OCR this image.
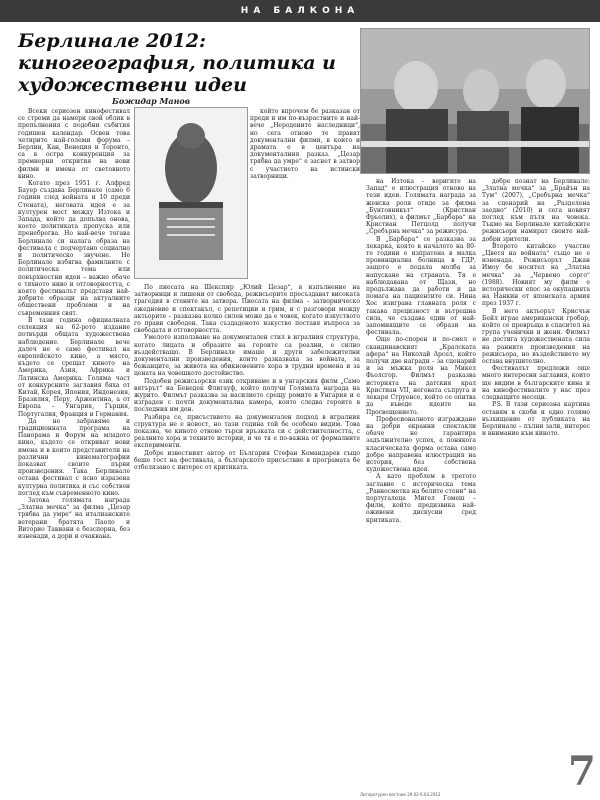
НА БАЛКОНА
Берлинале 2012: киногеография, политика и художествени идеи
Божидар Манов

Всеки сериозен кинофестивал се стреми да намери свой облик в препълнения с подобни събития годишен календар. Освен това четирите най-големи форума – Берлин, Кан, Венеция и Торонто, са в остра конкуренция за премиерни открития на нови филми и имена от световното кино.

Когато през 1951 г. Алфред Бауер създава Берлинале (само 6 години след войната и 10 преди Стената), неговата идея е за културен мост между Изтока и Запада, който да допълва онова, което политиката пропуска или пренебрегва. Но най-вече тогава Берлинале си налага образа на фестивала с подчертано социално и политическо звучене. Не Берлинале избягва фамилните с политическа тема или повърхностни идеи – важно обаче е тяхното ниво и отговорността, с която фестивалът представя най-добрите образци на актуалните обществени проблеми и на съвременния свят.

В тази година официалната селекция на 62-рото издание потвърди общата художествена наблюдение. Берлинале вече далеч не е само фестивал на европейското кино, а място, където се срещат киното на Америка, Азия, Африка и Латинска Америка. Голяма част от конкурсните заглавия бяха от Китай, Корея, Япония, Индонезия, Бразилия, Перу, Аржентина, а от Европа – Унгария, Гърция, Португалия, Франция и Германия.

Да не забравяме и традиционната програма на Панорама и Форум на младото кино, където се откриват нови имена и в които представители на различни кинематографии показват своите първи произведения. Така Берлинале остава фестивал с ясно изразена културна политика и със собствен поглед към съвременното кино.

Затова голямата награда „Златна мечка“ за филма „Цезар трябва да умре“ на италианските ветерани братята Паоло и Виторио Тавиани е безспорна, без изненади, а дори и очаквана.

който впрочем бе разказан от преди и им по-възрастните и най-вече „Неродените наследници“, но сега отново те правят документални филми, в които и драмата е в центъра на документалния разказ. „Цезар трябва да умре“ е заснет в затвор с участието на истински затворници.

По пиесата на Шекспир „Юлий Цезар“, в изпълнение на затворници и лишени от свобода, режисьорите пресъздават високата трагедия в стените на затвора. Пиесата на филма – затворническо ежедневие и спектакъл, с репетиции и грим, и с разговори между актьорите – разказва колко силен може да е човек, когато изкуството го прави свободен. Така създаденото изкуство поставя въпроса за свободата и отговорността.

Умелото използване на документален стил в игралния структура, когато лицата и образите на героите са реални, е силно въздействащо. В Берлинале имаше и други забележителни документални произведения, които разказваха за войната, за бежанците, за живота на обикновените хора в трудни времена и за цената на човешкото достойнство.

Подобен режисьорски език откриваме и в унгарския филм „Само вятърът“ на Бенедек Флигауф, който получи Голямата награда на журито. Филмът разказва за насилието срещу ромите в Унгария и е изграден с почти документална камера, която следва героите в последния им ден.

Разбира се, присъствието на документален подход в игралния структура не е новост, но тази година той бе особено видим. Това показва, че киното отново търси връзката си с действителността, с реалните хора и техните истории, и че тя е по-важна от формалните експерименти.

Добре известният автор от България Стефан Командарев също беше гост на фестивала, а българското присъствие в програмата бе отбелязано с интерес от критиката.

на Изтока – веригите на Запад“ е илюстрация отново на тези идеи. Голямата награда за женска роля отиде за филма „Бунтовникът“ (Кристиан Фрьолих), а филмът „Барбара“ на Кристиан Петцолд получи „Сребърна мечка“ за режисура.

В „Барбара“ се разказва за лекарка, която в началото на 80-те години е изпратена в малка провинциална болница в ГДР, защото е подала молба за напускане на страната. Тя е наблюдавана от Щази, но продължава да работи и да помага на пациентите си. Нина Хос изиграва главната роля с такава прецизност и вътрешна сила, че създава един от най-запомнящите се образи на фестивала.

Още по-спорен и по-смел е скандинавският „Кралската афера“ на Николай Арсел, който получи две награди – за сценарий и за мъжка роля на Микел Фьолсгор. Филмът разказва историята на датския крал Кристиан VII, неговата съпруга и лекаря Струенсе, който се опитва да въведе идеите на Просвещението.

Професионалното изграждане на добри екранни спектакли обаче не гарантира задължително успех, а понякога класическата форма остава само добре направена илюстрация на история, без собствена художествена идея.

А като проблем в третото заглавие с историческа тема „Равносметка на белите стени“ на португалеца Мигел Гомеш – филм, който предизвика най-оживени дискусии сред критиката.

добре познат на Берлинале: „Златна мечка“ за „Брайън на Тум“ (2007), „Сребърна мечка“ за сценарий на „Разделена заедно“ (2010) и сега новият поглед към пътя на човека. Тъкмо на Берлинале китайските режисьори намират своите най-добри зрители.

Второто китайско участие „Цветя на войната“ също не е изненада. Режисьорът Джан Имоу бе носител на „Златна мечка“ за „Червено сорго“ (1988). Новият му филм е исторически епос за окупацията на Нанкин от японската армия през 1937 г.

В него актьорът Крисчън Бейл играе американски гробар, който се превръща в спасител на група ученички и жени. Филмът не достига художествената сила на ранните произведения на режисьора, но въздействието му остава внушително.

Фестивалът предложи още много интересни заглавия, които ще видим в българските кина и на кинофестивалите у нас през следващите месеци.

P.S. В тази сериозна картина оставям в скоби и едно голямо възхищение от публиката на Берлинале – пълни зали, интерес и внимание към киното.

7
Литературен вестник 29.02-6.03.2012
